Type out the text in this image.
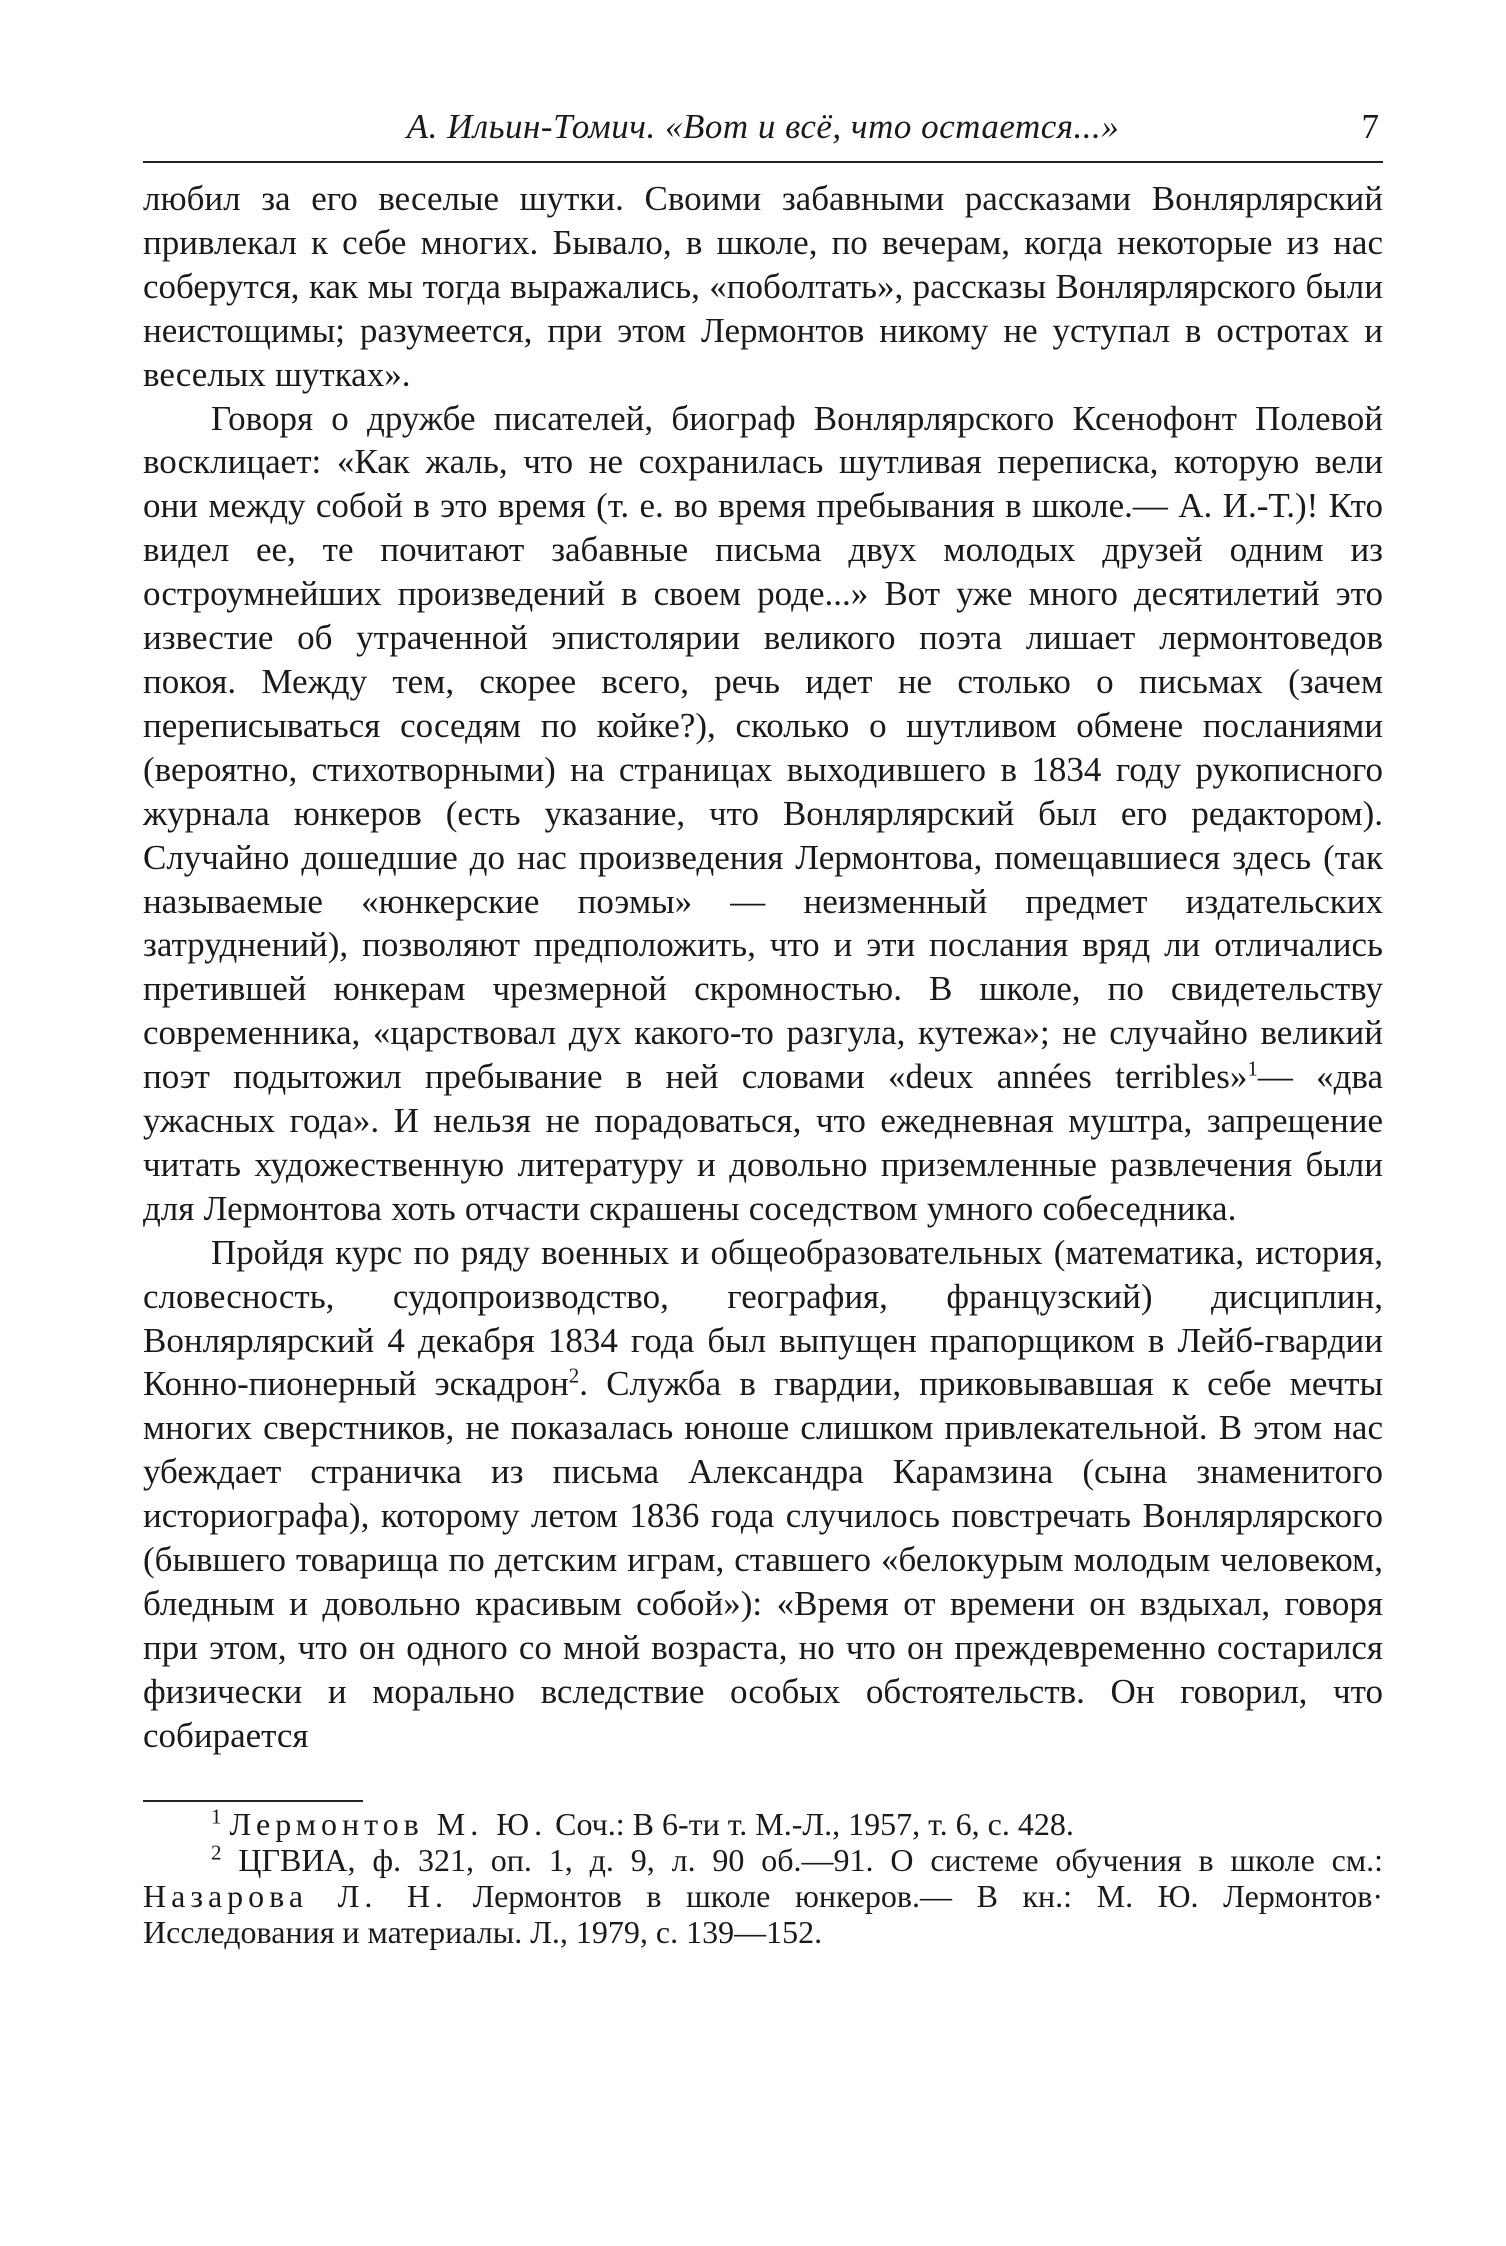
А. Ильин-Томич. «Вот и всё, что остается...»	7

любил за его веселые шутки. Своими забавными рассказами Вонлярлярский привлекал к себе многих. Бывало, в школе, по вечерам, когда некоторые из нас соберутся, как мы тогда выражались, «поболтать», рассказы Вонлярлярского были неистощимы; разумеется, при этом Лермонтов никому не уступал в остротах и веселых шутках».

Говоря о дружбе писателей, биограф Вонлярлярского Ксенофонт Полевой восклицает: «Как жаль, что не сохранилась шутливая переписка, которую вели они между собой в это время (т. е. во время пребывания в школе.— А. И.-Т.)! Кто видел ее, те почитают забавные письма двух молодых друзей одним из остроумнейших произведений в своем роде...» Вот уже много десятилетий это известие об утраченной эпистолярии великого поэта лишает лермонтоведов покоя. Между тем, скорее всего, речь идет не столько о письмах (зачем переписываться соседям по койке?), сколько о шутливом обмене посланиями (вероятно, стихотворными) на страницах выходившего в 1834 году рукописного журнала юнкеров (есть указание, что Вонлярлярский был его редактором). Случайно дошедшие до нас произведения Лермонтова, помещавшиеся здесь (так называемые «юнкерские поэмы» — неизменный предмет издательских затруднений), позволяют предположить, что и эти послания вряд ли отличались претившей юнкерам чрезмерной скромностью. В школе, по свидетельству современника, «царствовал дух какого-то разгула, кутежа»; не случайно великий поэт подытожил пребывание в ней словами «deux années terribles»$^1$— «два ужасных года». И нельзя не порадоваться, что ежедневная муштра, запрещение читать художественную литературу и довольно приземленные развлечения были для Лермонтова хоть отчасти скрашены соседством умного собеседника.

Пройдя курс по ряду военных и общеобразовательных (математика, история, словесность, судопроизводство, география, французский) дисциплин, Вонлярлярский 4 декабря 1834 года был выпущен прапорщиком в Лейб-гвардии Конно-пионерный эскадрон$^2$. Служба в гвардии, приковывавшая к себе мечты многих сверстников, не показалась юноше слишком привлекательной. В этом нас убеждает страничка из письма Александра Карамзина (сына знаменитого историографа), которому летом 1836 года случилось повстречать Вонлярлярского (бывшего товарища по детским играм, ставшего «белокурым молодым человеком, бледным и довольно красивым собой»): «Время от времени он вздыхал, говоря при этом, что он одного со мной возраста, но что он преждевременно состарился физически и морально вследствие особых обстоятельств. Он говорил, что собирается

$^1$ Лермонтов М. Ю. Соч.: В 6-ти т. М.-Л., 1957, т. 6, с. 428.

$^2$ ЦГВИА, ф. 321, оп. 1, д. 9, л. 90 об.—91. О системе обучения в школе см.: Назарова Л. Н. Лермонтов в школе юнкеров.— В кн.: М. Ю. Лермонтов· Исследования и материалы. Л., 1979, с. 139—152.
